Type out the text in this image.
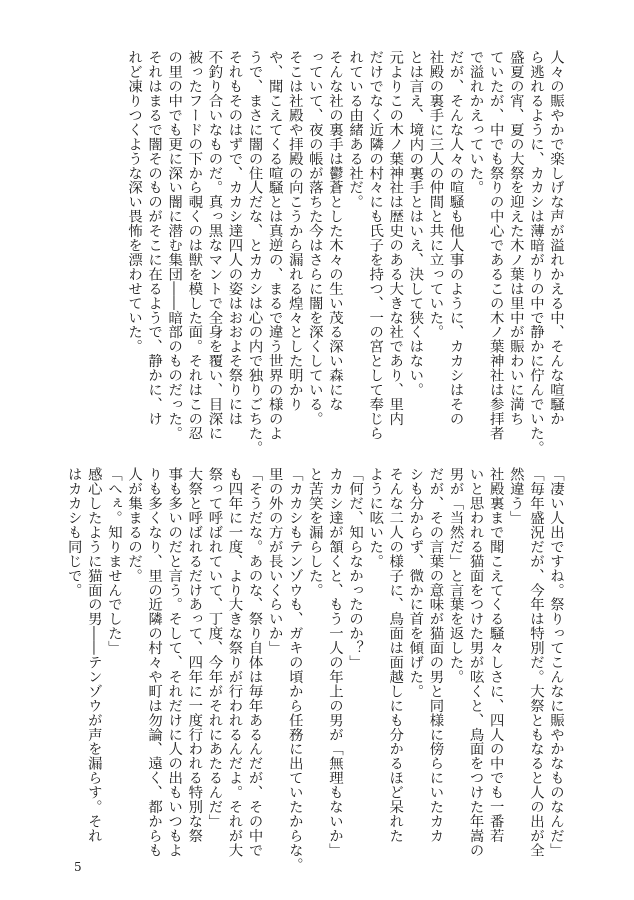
人々の賑やかで楽しげな声が溢れかえる中、そんな喧騒か

ら逃れるように、カカシは薄暗がりの中で静かに佇んでいた。

盛夏の宵、夏の大祭を迎えた木ノ葉は里中が賑わいに満ち

ていたが、中でも祭りの中心であるこの木ノ葉神社は参拝者

で溢れかえっていた。

だが、そんな人々の喧騒も他人事のように、カカシはその

社殿の裏手に三人の仲間と共に立っていた。

とは言え、境内の裏手とはいえ、決して狭くはない。

元よりこの木ノ葉神社は歴史のある大きな社であり、里内

だけでなく近隣の村々にも氏子を持つ、一の宮として奉じら

れている由緒ある社だ。

そんな社の裏手は鬱蒼とした木々の生い茂る深い森にな

っていて、夜の帳が落ちた今はさらに闇を深くしている。

そこは社殿や拝殿の向こうから漏れる煌々とした明かり

や、聞こえてくる喧騒とは真逆の、まるで違う世界の様のよ

うで、まさに闇の住人だな、とカカシは心の内で独りごちた。

それもそのはずで、カカシ達四人の姿はおおよそ祭りには

不釣り合いなものだ。真っ黒なマントで全身を覆い、目深に

被ったフードの下から覗くのは獣を模した面。それはこの忍

の里の中でも更に深い闇に潜む集団――暗部のものだった。

それはまるで闇そのものがそこに在るようで、静かに、け

れど凍りつくような深い畏怖を漂わせていた。

「凄い人出ですね。祭りってこんなに賑やかなものなんだ」

「毎年盛況だが、今年は特別だ。大祭ともなると人の出が全

然違う」

社殿裏まで聞こえてくる騒々しさに、四人の中でも一番若

いと思われる猫面をつけた男が呟くと、鳥面をつけた年嵩の

男が「当然だ」と言葉を返した。

だが、その言葉の意味が猫面の男と同様に傍らにいたカカ

シも分からず、微かに首を傾げた。

そんな二人の様子に、鳥面は面越しにも分かるほど呆れた

ように呟いた。

「何だ、知らなかったのか？」

カカシ達が頷くと、もう一人の年上の男が「無理もないか」

と苦笑を漏らした。

「カカシもテンゾウも、ガキの頃から任務に出ていたからな。

里の外の方が長いくらいか」

「そうだな。あのな、祭り自体は毎年あるんだが、その中で

も四年に一度、より大きな祭りが行われるんだよ。それが大

祭って呼ばれていて、丁度、今年がそれにあたるんだ」

大祭と呼ばれるだけあって、四年に一度行われる特別な祭

事も多いのだと言う。そして、それだけに人の出もいつもよ

りも多くなり、里の近隣の村々や町は勿論、遠く、都からも

人が集まるのだ。

「へぇ。知りませんでした」

感心したように猫面の男――テンゾウが声を漏らす。それ

はカカシも同じで。

5
